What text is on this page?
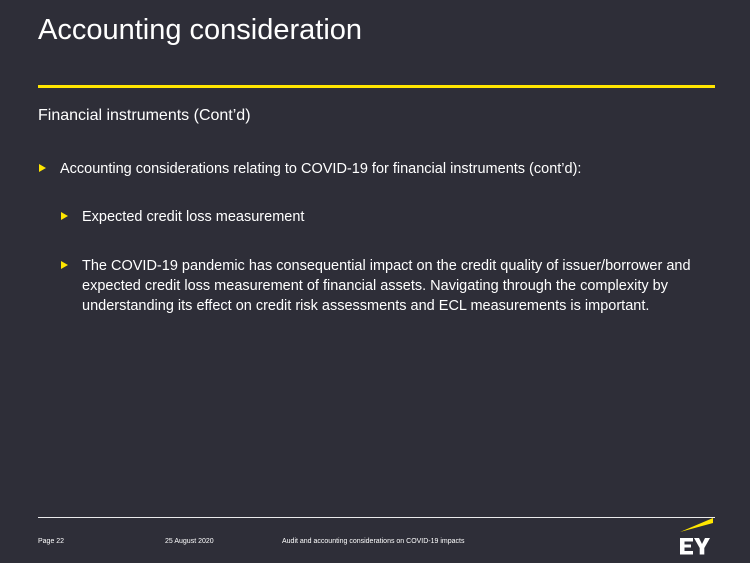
Accounting consideration
Financial instruments (Cont’d)
Accounting considerations relating to COVID-19 for financial instruments (cont’d):
Expected credit loss measurement
The COVID-19 pandemic has consequential impact on the credit quality of issuer/borrower and expected credit loss measurement of financial assets. Navigating through the complexity by understanding its effect on credit risk assessments and ECL measurements is important.
Page 22	25 August 2020	Audit and accounting considerations on COVID-19 impacts
